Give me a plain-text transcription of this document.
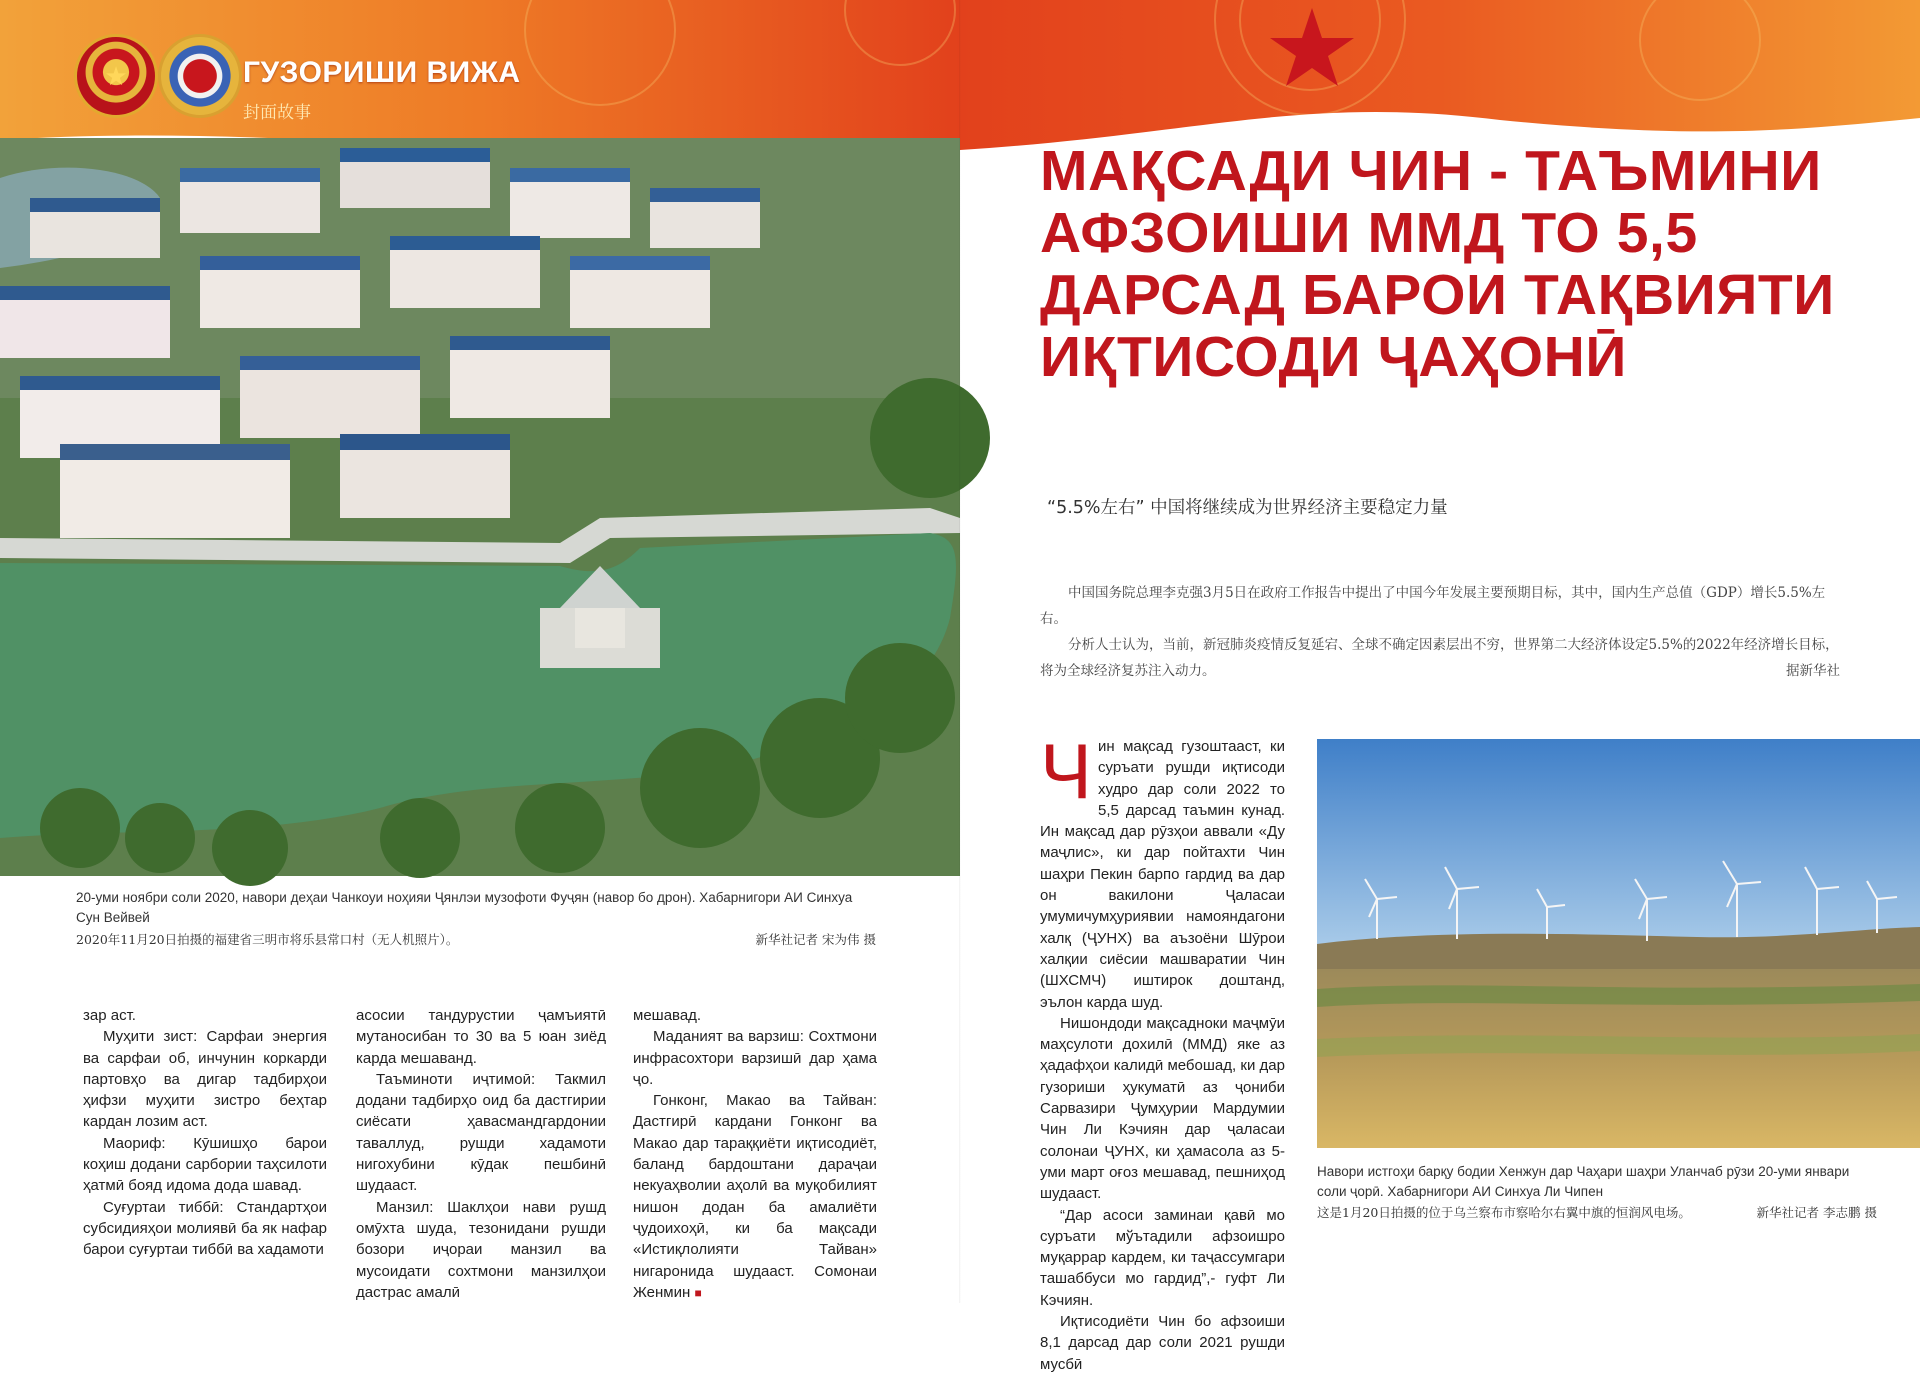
★	ГУЗОРИШИ ВИЖА
封面故事
20-уми ноябри соли 2020, навори деҳаи Чанкоуи ноҳияи Ҷянлэи музофоти Фуҷян (навор бо дрон). Хабарнигори АИ Синхуа Сун Вейвей
2020年11月20日拍摄的福建省三明市将乐县常口村（无人机照片）。	新华社记者 宋为伟 摄

зар аст.

Муҳити зист: Сарфаи энергия ва сарфаи об, инчунин коркарди партовҳо ва дигар тадбирҳои ҳифзи муҳити зистро беҳтар кардан лозим аст.

Маориф: Кӯшишҳо барои коҳиш додани сарбории таҳсилоти ҳатмӣ бояд идома дода шавад.

Суғуртаи тиббӣ: Стандартҳои субсидияҳои молиявӣ ба як нафар барои суғуртаи тиббӣ ва хадамоти

асосии тандурустии ҷамъиятӣ мутаносибан то 30 ва 5 юан зиёд карда мешаванд.

Таъминоти иҷтимоӣ: Такмил додани тадбирҳо оид ба дастгирии сиёсати ҳавасмандгардонии таваллуд, рушди хадамоти нигохубини кӯдак пешбинӣ шудааст.

Манзил: Шаклҳои нави рушд омӯхта шуда, тезонидани рушди бозори иҷораи манзил ва мусоидати сохтмони манзилҳои дастрас амалӣ

мешавад.

Маданият ва варзиш: Сохтмони инфрасохтори варзишӣ дар ҳама ҷо.

Гонконг, Макао ва Тайван: Дастгирӣ кардани Гонконг ва Макао дар тараққиёти иқтисодиёт, баланд бардоштани дараҷаи некуаҳволии аҳолӣ ва муқобилият нишон додан ба амалиёти ҷудоихоҳӣ, ки ба мақсади «Истиқлолияти Тайван» нигаронида шудааст. Сомонаи Женмин ■

МАҚСАДИ ЧИН - ТАЪМИНИ АФЗОИШИ ММД ТО 5,5 ДАРСАД БАРОИ ТАҚВИЯТИ ИҚТИСОДИ ҶАҲОНӢ
“5.5%左右” 中国将继续成为世界经济主要稳定力量

中国国务院总理李克强3月5日在政府工作报告中提出了中国今年发展主要预期目标，其中，国内生产总值（GDP）增长5.5%左右。

分析人士认为，当前，新冠肺炎疫情反复延宕、全球不确定因素层出不穷，世界第二大经济体设定5.5%的2022年经济增长目标，将为全球经济复苏注入动力。	据新华社

Чин мақсад гузоштааст, ки суръати рушди иқтисоди худро дар соли 2022 то 5,5 дарсад таъмин кунад. Ин мақсад дар рӯзҳои аввали «Ду маҷлис», ки дар пойтахти Чин шаҳри Пекин барпо гардид ва дар он вакилони Ҷаласаи умумичумҳуриявии намояндагони халқ (ҶУНХ) ва аъзоёни Шӯрои халқии сиёсии машваратии Чин (ШХСМЧ) иштирок доштанд, эълон карда шуд.

Нишондоди мақсадноки маҷмӯи маҳсулоти дохилӣ (ММД) яке аз ҳадафҳои калидӣ мебошад, ки дар гузориши ҳукуматӣ аз ҷониби Сарвазири Ҷумҳурии Мардумии Чин Ли Кэчиян дар ҷаласаи солонаи ҶУНХ, ки ҳамасола аз 5-уми март оғоз мешавад, пешниҳод шудааст.

“Дар асоси заминаи қавӣ мо суръати мўътадили афзоишро муқаррар кардем, ки таҷассумгари ташаббуси мо гардид”,- гуфт Ли Кэчиян.

Иқтисодиёти Чин бо афзоиши 8,1 дарсад дар соли 2021 рушди мусбӣ

Навори истгоҳи барқу бодии Хенжун дар Чаҳари шаҳри Уланчаб рӯзи 20-уми январи соли ҷорӣ. Хабарнигори АИ Синхуа Ли Чипен
这是1月20日拍摄的位于乌兰察布市察哈尔右翼中旗的恒润风电场。	新华社记者 李志鹏 摄
